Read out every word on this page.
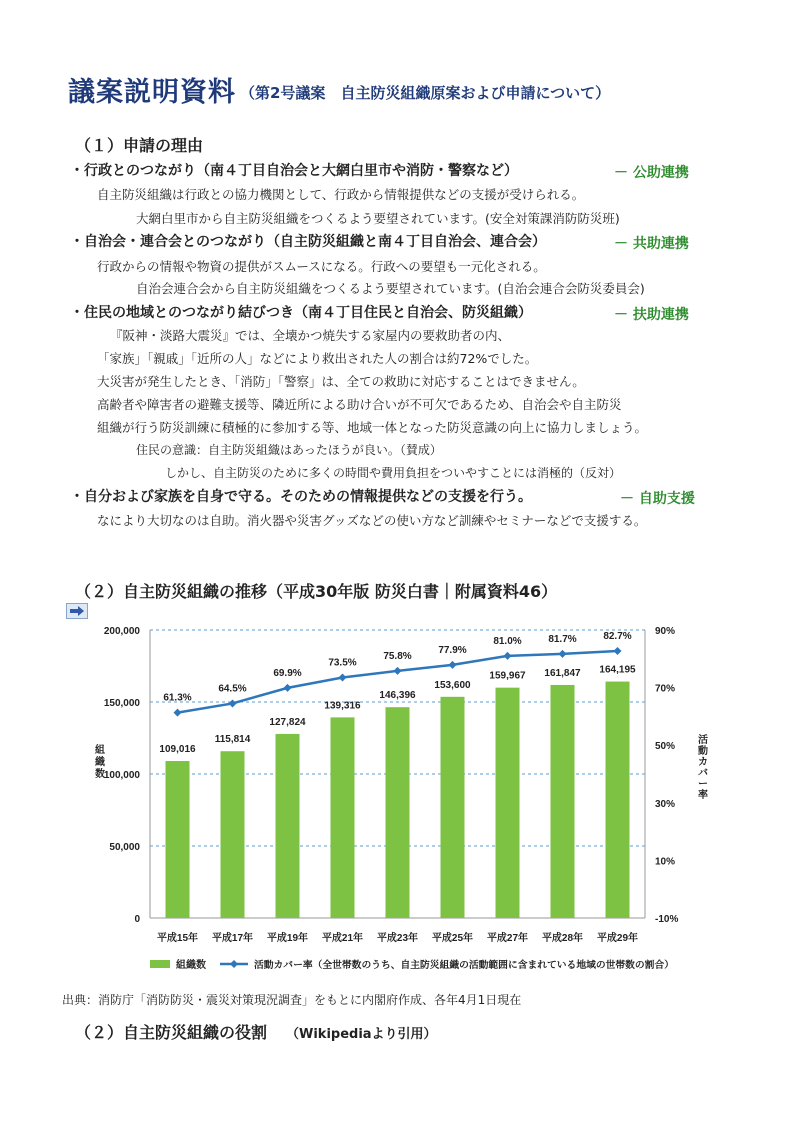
議案説明資料 （第2号議案　自主防災組織原案および申請について）
（１）申請の理由
・行政とのつながり（南４丁目自治会と大網白里市や消防・警察など）	－ 公助連携
自主防災組織は行政との協力機関として、行政から情報提供などの支援が受けられる。
大網白里市から自主防災組織をつくるよう要望されています。(安全対策課消防防災班)
・自治会・連合会とのつながり（自主防災組織と南４丁目自治会、連合会）	－ 共助連携
行政からの情報や物資の提供がスムースになる。行政への要望も一元化される。
自治会連合会から自主防災組織をつくるよう要望されています。(自治会連合会防災委員会)
・住民の地域とのつながり結びつき（南４丁目住民と自治会、防災組織）	－ 扶助連携
『阪神・淡路大震災』では、全壊かつ焼失する家屋内の要救助者の内、
「家族」「親戚」「近所の人」などにより救出された人の割合は約72%でした。
大災害が発生したとき、「消防」「警察」は、全ての救助に対応することはできません。
高齢者や障害者の避難支援等、隣近所による助け合いが不可欠であるため、自治会や自主防災
組織が行う防災訓練に積極的に参加する等、地域一体となった防災意識の向上に協力しましょう。
住民の意識：自主防災組織はあったほうが良い。（賛成）
しかし、自主防災のために多くの時間や費用負担をついやすことには消極的（反対）
・自分および家族を自身で守る。そのための情報提供などの支援を行う。	－ 自助支援
なにより大切なのは自助。消火器や災害グッズなどの使い方など訓練やセミナーなどで支援する。
（２）自主防災組織の推移（平成30年版 防災白書｜附属資料46）
0
50,000
100,000
150,000
200,000
-10%
10%
30%
50%
70%
90%
組織数
活動カバー率
109,016
平成15年
115,814
平成17年
127,824
平成19年
139,316
平成21年
146,396
平成23年
153,600
平成25年
159,967
平成27年
161,847
平成28年
164,195
平成29年
61.3%
64.5%
69.9%
73.5%
75.8%
77.9%
81.0%	81.7%	82.7%
組織数	活動カバー率（全世帯数のうち、自主防災組織の活動範囲に含まれている地域の世帯数の割合）
出典：消防庁「消防防災・震災対策現況調査」をもとに内閣府作成、各年4月1日現在
（２）自主防災組織の役割 （Wikipediaより引用）
